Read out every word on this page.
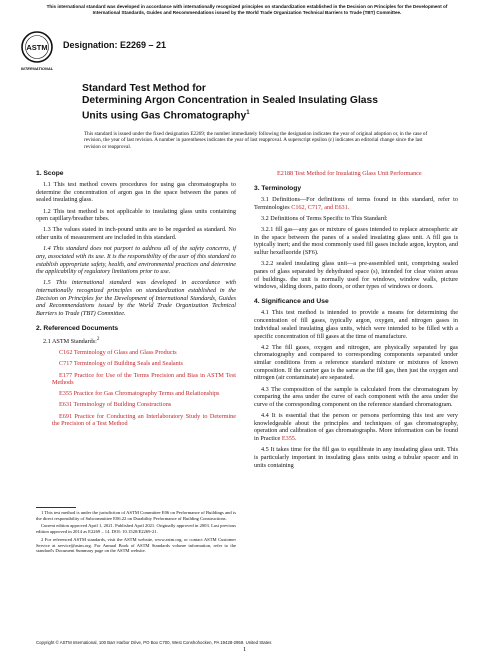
This international standard was developed in accordance with internationally recognized principles on standardization established in the Decision on Principles for the Development of International Standards, Guides and Recommendations issued by the World Trade Organization Technical Barriers to Trade (TBT) Committee.
ASTM
INTERNATIONAL
Designation: E2269 – 21
Standard Test Method for
Determining Argon Concentration in Sealed Insulating Glass
Units using Gas Chromatography$^1$
This standard is issued under the fixed designation E2269; the number immediately following the designation indicates the year of original adoption or, in the case of revision, the year of last revision. A number in parentheses indicates the year of last reapproval. A superscript epsilon (ε) indicates an editorial change since the last revision or reapproval.
1. Scope

1.1 This test method covers procedures for using gas chromatographs to determine the concentration of argon gas in the space between the panes of sealed insulating glass.

1.2 This test method is not applicable to insulating glass units containing open capillary/breather tubes.

1.3 The values stated in inch-pound units are to be regarded as standard. No other units of measurement are included in this standard.

1.4 This standard does not purport to address all of the safety concerns, if any, associated with its use. It is the responsibility of the user of this standard to establish appropriate safety, health, and environmental practices and determine the applicability of regulatory limitations prior to use.

1.5 This international standard was developed in accordance with internationally recognized principles on standardization established in the Decision on Principles for the Development of International Standards, Guides and Recommendations issued by the World Trade Organization Technical Barriers to Trade (TBT) Committee.

2. Referenced Documents

2.1 ASTM Standards:$^2$

C162 Terminology of Glass and Glass Products

C717 Terminology of Building Seals and Sealants

E177 Practice for Use of the Terms Precision and Bias in ASTM Test Methods

E355 Practice for Gas Chromatography Terms and Relationships

E631 Terminology of Building Constructions

E691 Practice for Conducting an Interlaboratory Study to Determine the Precision of a Test Method

1 This test method is under the jurisdiction of ASTM Committee E06 on Performance of Buildings and is the direct responsibility of Subcommittee E06.22 on Durability Performance of Building Constructions.

Current edition approved April 1, 2021. Published April 2021. Originally approved in 2003. Last previous edition approved in 2014 as E2269 – 14. DOI: 10.1520/E2269-21.

2 For referenced ASTM standards, visit the ASTM website, www.astm.org, or contact ASTM Customer Service at service@astm.org. For Annual Book of ASTM Standards volume information, refer to the standard's Document Summary page on the ASTM website.

E2188 Test Method for Insulating Glass Unit Performance

3. Terminology

3.1 Definitions—For definitions of terms found in this standard, refer to Terminologies C162, C717, and E631.

3.2 Definitions of Terms Specific to This Standard:

3.2.1 fill gas—any gas or mixture of gases intended to replace atmospheric air in the space between the panes of a sealed insulating glass unit. A fill gas is typically inert; and the most commonly used fill gases include argon, krypton, and sulfur hexafluoride (SF6).

3.2.2 sealed insulating glass unit—a pre-assembled unit, comprising sealed panes of glass separated by dehydrated space (s), intended for clear vision areas of buildings. the unit is normally used for windows, window walls, picture windows, sliding doors, patio doors, or other types of windows or doors.

4. Significance and Use

4.1 This test method is intended to provide a means for determining the concentration of fill gases, typically argon, oxygen, and nitrogen gases in individual sealed insulating glass units, which were intended to be filled with a specific concentration of fill gases at the time of manufacture.

4.2 The fill gases, oxygen and nitrogen, are physically separated by gas chromatography and compared to corresponding components separated under similar conditions from a reference standard mixture or mixtures of known composition. If the carrier gas is the same as the fill gas, then just the oxygen and nitrogen (air contaminate) are separated.

4.3 The composition of the sample is calculated from the chromatogram by comparing the area under the curve of each component with the area under the curve of the corresponding component on the reference standard chromatogram.

4.4 It is essential that the person or persons performing this test are very knowledgeable about the principles and techniques of gas chromatography, operation and calibration of gas chromatographs. More information can be found in Practice E355.

4.5 It takes time for the fill gas to equilibrate in any insulating glass unit. This is particularly important in insulating glass units using a tubular spacer and in units containing

Copyright © ASTM International, 100 Barr Harbor Drive, PO Box C700, West Conshohocken, PA 19428-2959. United States
1
